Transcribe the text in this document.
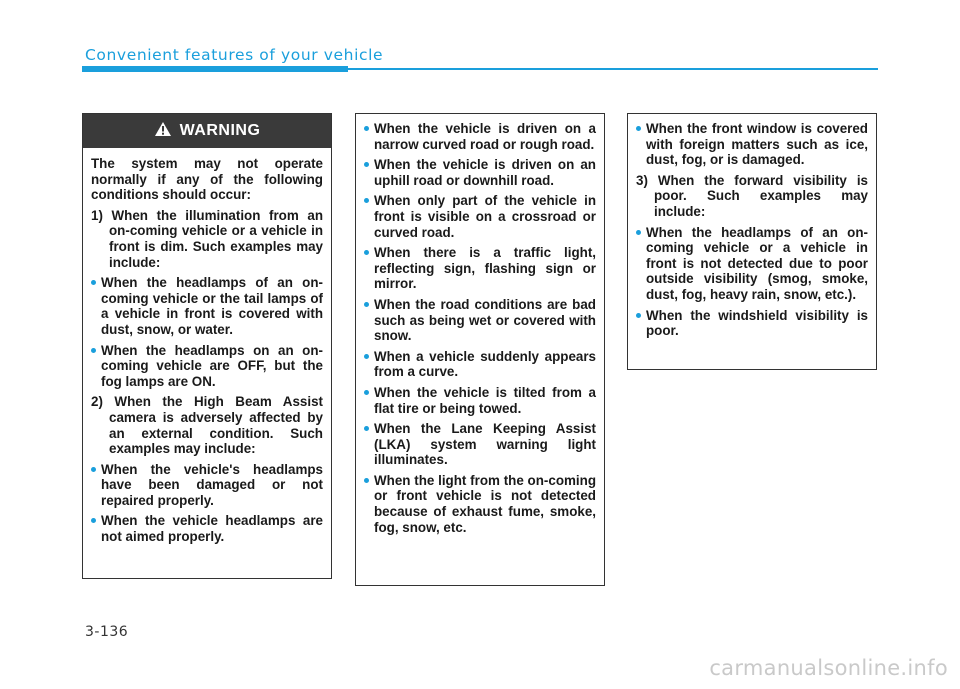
Convenient features of your vehicle
WARNING
The system may not operate normally if any of the following conditions should occur:
1) When the illumination from an on-coming vehicle or a vehicle in front is dim. Such examples may include:
When the headlamps of an on-coming vehicle or the tail lamps of a vehicle in front is covered with dust, snow, or water.
When the headlamps on an on-coming vehicle are OFF, but the fog lamps are ON.
2) When the High Beam Assist camera is adversely affected by an external condition. Such examples may include:
When the vehicle's headlamps have been damaged or not repaired properly.
When the vehicle headlamps are not aimed properly.
When the vehicle is driven on a narrow curved road or rough road.
When the vehicle is driven on an uphill road or downhill road.
When only part of the vehicle in front is visible on a crossroad or curved road.
When there is a traffic light, reflecting sign, flashing sign or mirror.
When the road conditions are bad such as being wet or covered with snow.
When a vehicle suddenly appears from a curve.
When the vehicle is tilted from a flat tire or being towed.
When the Lane Keeping Assist (LKA) system warning light illuminates.
When the light from the on-coming or front vehicle is not detected because of exhaust fume, smoke, fog, snow, etc.
When the front window is covered with foreign matters such as ice, dust, fog, or is damaged.
3) When the forward visibility is poor. Such examples may include:
When the headlamps of an on-coming vehicle or a vehicle in front is not detected due to poor outside visibility (smog, smoke, dust, fog, heavy rain, snow, etc.).
When the windshield visibility is poor.
3-136
carmanualsonline.info
